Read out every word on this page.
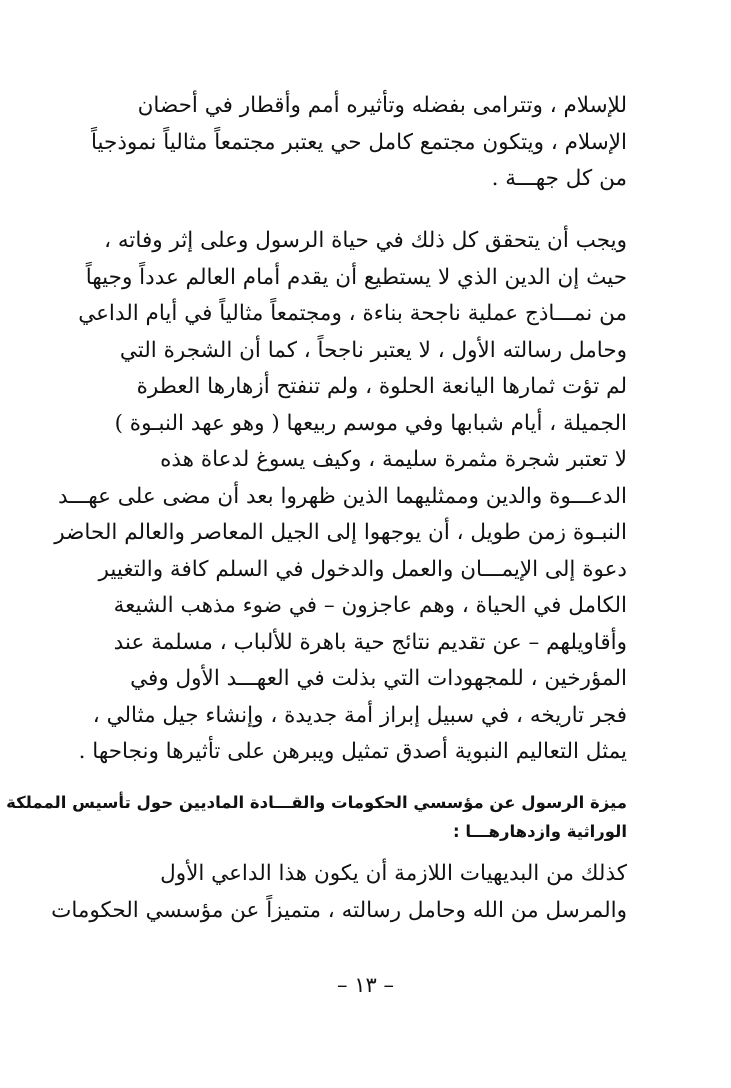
للإسلام ، وتترامى بفضله وتأثيره أمم وأقطار في أحضان
الإسلام ، ويتكون مجتمع كامل حي يعتبر مجتمعاً مثالياً نموذجياً
من كل جهـــة .

ويجب أن يتحقق كل ذلك في حياة الرسول وعلى إثر وفاته ،
حيث إن الدين الذي لا يستطيع أن يقدم أمام العالم عدداً وجيهاً
من نمـــاذج عملية ناجحة بناءة ، ومجتمعاً مثالياً في أيام الداعي
وحامل رسالته الأول ، لا يعتبر ناجحاً ، كما أن الشجرة التي
لم تؤت ثمارها اليانعة الحلوة ، ولم تنفتح أزهارها العطرة
الجميلة ، أيام شبابها وفي موسم ربيعها ( وهو عهد النبـوة )
لا تعتبر شجرة مثمرة سليمة ، وكيف يسوغ لدعاة هذه
الدعـــوة والدين وممثليهما الذين ظهروا بعد أن مضى على عهـــد
النبـوة زمن طويل ، أن يوجهوا إلى الجيل المعاصر والعالم الحاضر
دعوة إلى الإيمـــان والعمل والدخول في السلم كافة والتغيير
الكامل في الحياة ، وهم عاجزون – في ضوء مذهب الشيعة
وأقاويلهم – عن تقديم نتائج حية باهرة للألباب ، مسلمة عند
المؤرخين ، للمجهودات التي بذلت في العهـــد الأول وفي
فجر تاريخه ، في سبيل إبراز أمة جديدة ، وإنشاء جيل مثالي ،
يمثل التعاليم النبوية أصدق تمثيل ويبرهن على تأثيرها ونجاحها .

ميزة الرسول عن مؤسسي الحكومات والقـــادة الماديين حول تأسيس المملكة
الوراثية وازدهارهـــا :

كذلك من البديهيات اللازمة أن يكون هذا الداعي الأول
والمرسل من الله وحامل رسالته ، متميزاً عن مؤسسي الحكومات

– ١٣ –
